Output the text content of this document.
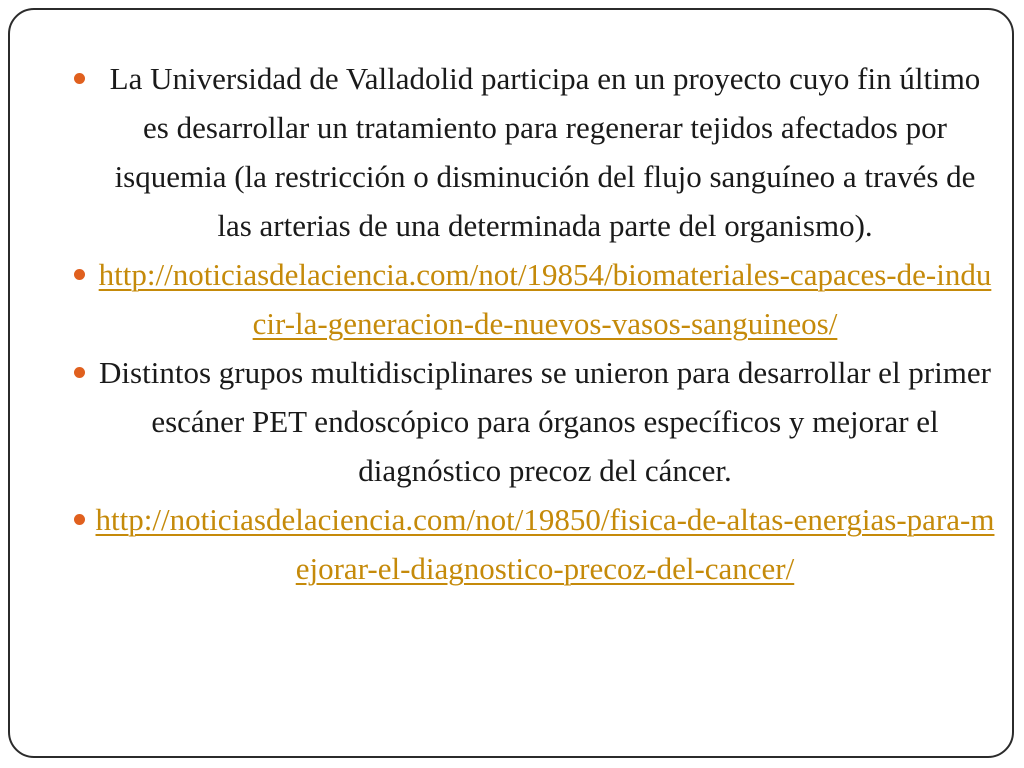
La Universidad de Valladolid participa en un proyecto cuyo fin último es desarrollar un tratamiento para regenerar tejidos afectados por isquemia (la restricción o disminución del flujo sanguíneo a través de las arterias de una determinada parte del organismo).
http://noticiasdelaciencia.com/not/19854/biomateriales-capaces-de-inducir-la-generacion-de-nuevos-vasos-sanguineos/
Distintos grupos multidisciplinares se unieron para desarrollar el primer escáner PET endoscópico para órganos específicos y mejorar el diagnóstico precoz del cáncer.
http://noticiasdelaciencia.com/not/19850/fisica-de-altas-energias-para-mejorar-el-diagnostico-precoz-del-cancer/
